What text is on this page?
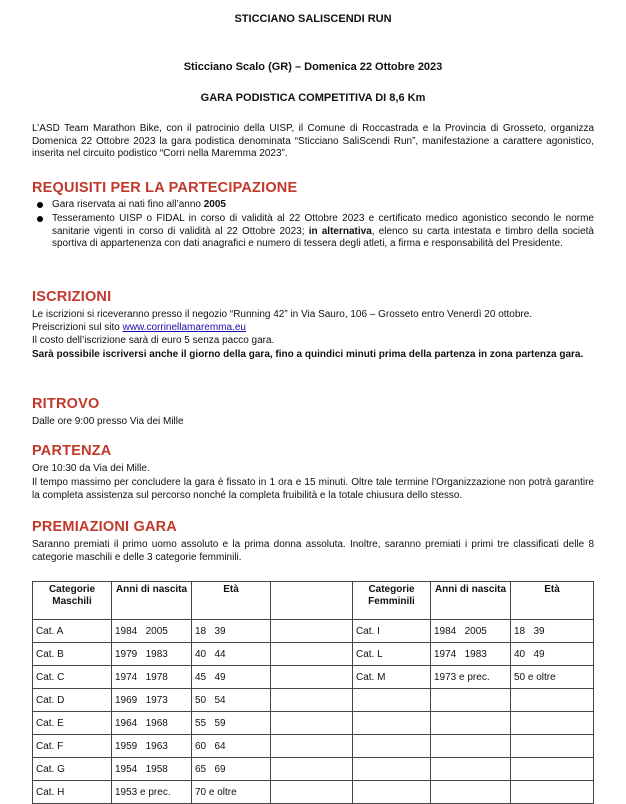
STICCIANO SALISCENDI RUN
Sticciano Scalo (GR) – Domenica 22 Ottobre 2023
GARA PODISTICA COMPETITIVA DI 8,6 Km
L’ASD Team Marathon Bike, con il patrocinio della UISP, il Comune di Roccastrada e la Provincia di Grosseto, organizza Domenica 22 Ottobre 2023 la gara podistica denominata “Sticciano SaliScendi Run”, manifestazione a carattere agonistico, inserita nel circuito podistico “Corri nella Maremma 2023”.
REQUISITI PER LA PARTECIPAZIONE
Gara riservata ai nati fino all’anno 2005
Tesseramento UISP o FIDAL in corso di validità al 22 Ottobre 2023 e certificato medico agonistico secondo le norme sanitarie vigenti in corso di validità al 22 Ottobre 2023; in alternativa, elenco su carta intestata e timbro della società sportiva di appartenenza con dati anagrafici e numero di tessera degli atleti, a firma e responsabilità del Presidente.
ISCRIZIONI
Le iscrizioni si riceveranno presso il negozio “Running 42” in Via Sauro, 106 – Grosseto entro Venerdì 20 ottobre.
Preiscrizioni sul sito www.corrinellamaremma.eu
Il costo dell’iscrizione sarà di euro 5 senza pacco gara.
Sarà possibile iscriversi anche il giorno della gara, fino a quindici minuti prima della partenza in zona partenza gara.
RITROVO
Dalle ore 9:00 presso Via dei Mille
PARTENZA
Ore 10:30 da Via dei Mille.
Il tempo massimo per concludere la gara è fissato in 1 ora e 15 minuti. Oltre tale termine l’Organizzazione non potrà garantire la completa assistenza sul percorso nonché la completa fruibilità e la totale chiusura dello stesso.
PREMIAZIONI GARA
Saranno premiati il primo uomo assoluto e la prima donna assoluta. Inoltre, saranno premiati i primi tre classificati delle 8 categorie maschili e delle 3 categorie femminili.
Categorie Maschili	Anni di nascita	Età		Categorie Femminili	Anni di nascita	Età
Cat. A	1984   2005	18   39		Cat. I	1984   2005	18   39
Cat. B	1979   1983	40   44		Cat. L	1974   1983	40   49
Cat. C	1974   1978	45   49		Cat. M	1973 e prec.	50 e oltre
Cat. D	1969   1973	50   54				
Cat. E	1964   1968	55   59				
Cat. F	1959   1963	60   64				
Cat. G	1954   1958	65   69				
Cat. H	1953 e prec.	70 e oltre				
